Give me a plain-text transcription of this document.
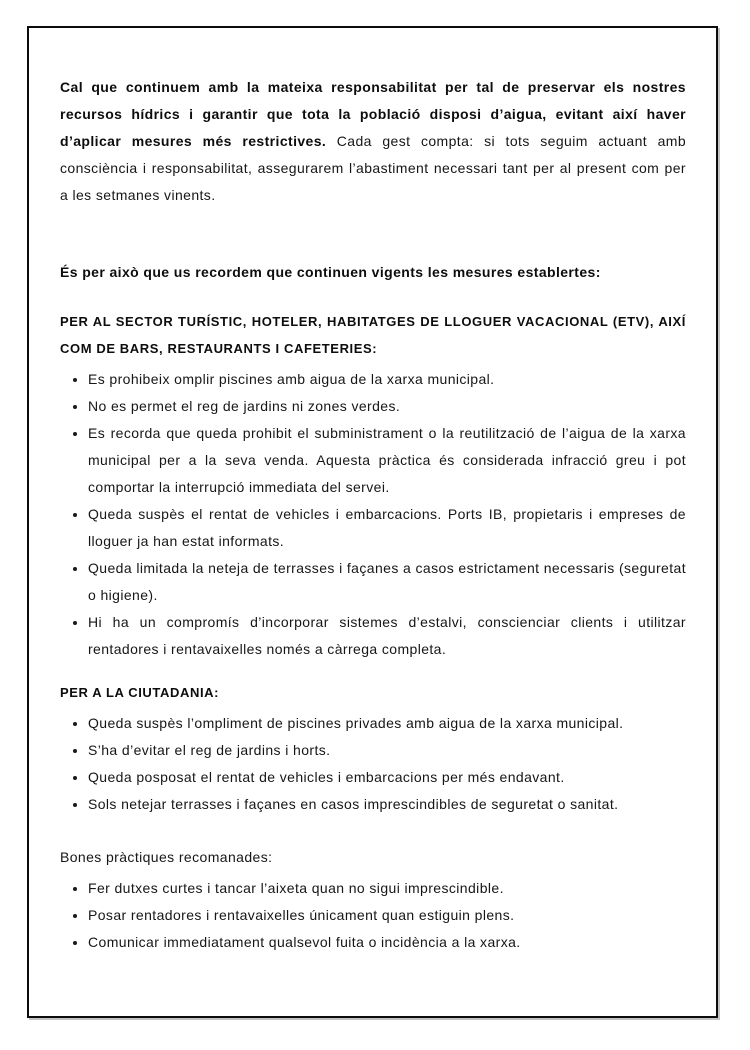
Cal que continuem amb la mateixa responsabilitat per tal de preservar els nostres recursos hídrics i garantir que tota la població disposi d’aigua, evitant així haver d’aplicar mesures més restrictives. Cada gest compta: si tots seguim actuant amb consciència i responsabilitat, assegurarem l’abastiment necessari tant per al present com per a les setmanes vinents.

És per això que us recordem que continuen vigents les mesures establertes:

PER AL SECTOR TURÍSTIC, HOTELER, HABITATGES DE LLOGUER VACACIONAL (ETV), AIXÍ COM DE BARS, RESTAURANTS I CAFETERIES:
Es prohibeix omplir piscines amb aigua de la xarxa municipal.
No es permet el reg de jardins ni zones verdes.
Es recorda que queda prohibit el subministrament o la reutilització de l’aigua de la xarxa municipal per a la seva venda. Aquesta pràctica és considerada infracció greu i pot comportar la interrupció immediata del servei.
Queda suspès el rentat de vehicles i embarcacions. Ports IB, propietaris i empreses de lloguer ja han estat informats.
Queda limitada la neteja de terrasses i façanes a casos estrictament necessaris (seguretat o higiene).
Hi ha un compromís d’incorporar sistemes d’estalvi, conscienciar clients i utilitzar rentadores i rentavaixelles només a càrrega completa.
PER A LA CIUTADANIA:
Queda suspès l’ompliment de piscines privades amb aigua de la xarxa municipal.
S’ha d’evitar el reg de jardins i horts.
Queda posposat el rentat de vehicles i embarcacions per més endavant.
Sols netejar terrasses i façanes en casos imprescindibles de seguretat o sanitat.
Bones pràctiques recomanades:
Fer dutxes curtes i tancar l’aixeta quan no sigui imprescindible.
Posar rentadores i rentavaixelles únicament quan estiguin plens.
Comunicar immediatament qualsevol fuita o incidència a la xarxa.
